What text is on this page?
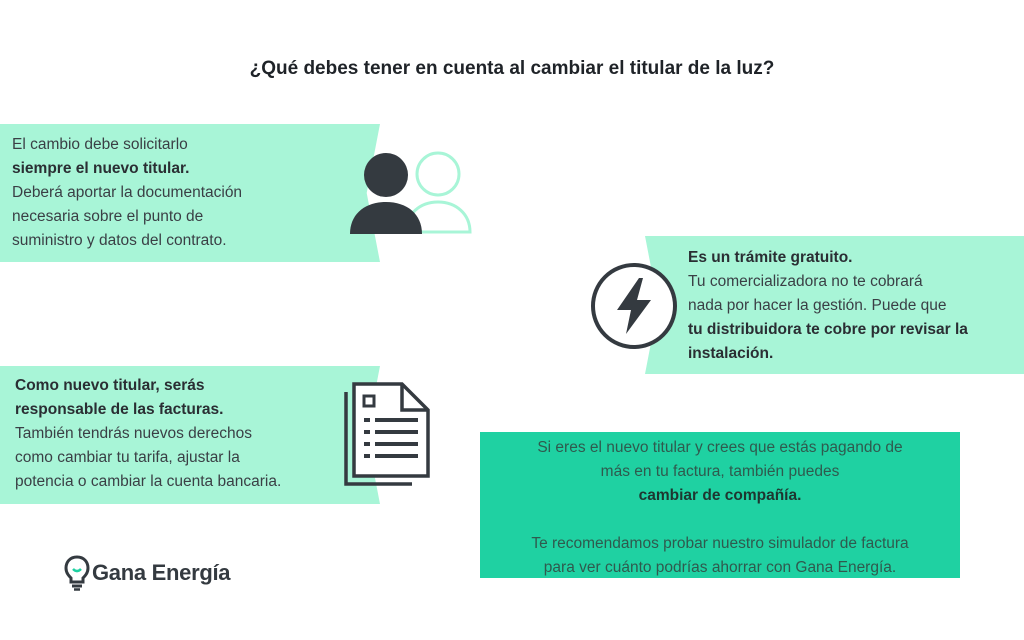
¿Qué debes tener en cuenta al cambiar el titular de la luz?
El cambio debe solicitarlo
siempre el nuevo titular.
Deberá aportar la documentación
necesaria sobre el punto de
suministro y datos del contrato.
Es un trámite gratuito.
Tu comercializadora no te cobrará
nada por hacer la gestión. Puede que
tu distribuidora te cobre por revisar la
instalación.
Como nuevo titular, serás
responsable de las facturas.
También tendrás nuevos derechos
como cambiar tu tarifa, ajustar la
potencia o cambiar la cuenta bancaria.
Si eres el nuevo titular y crees que estás pagando de
más en tu factura, también puedes
cambiar de compañía.
Te recomendamos probar nuestro simulador de factura
para ver cuánto podrías ahorrar con Gana Energía.
Gana Energía
